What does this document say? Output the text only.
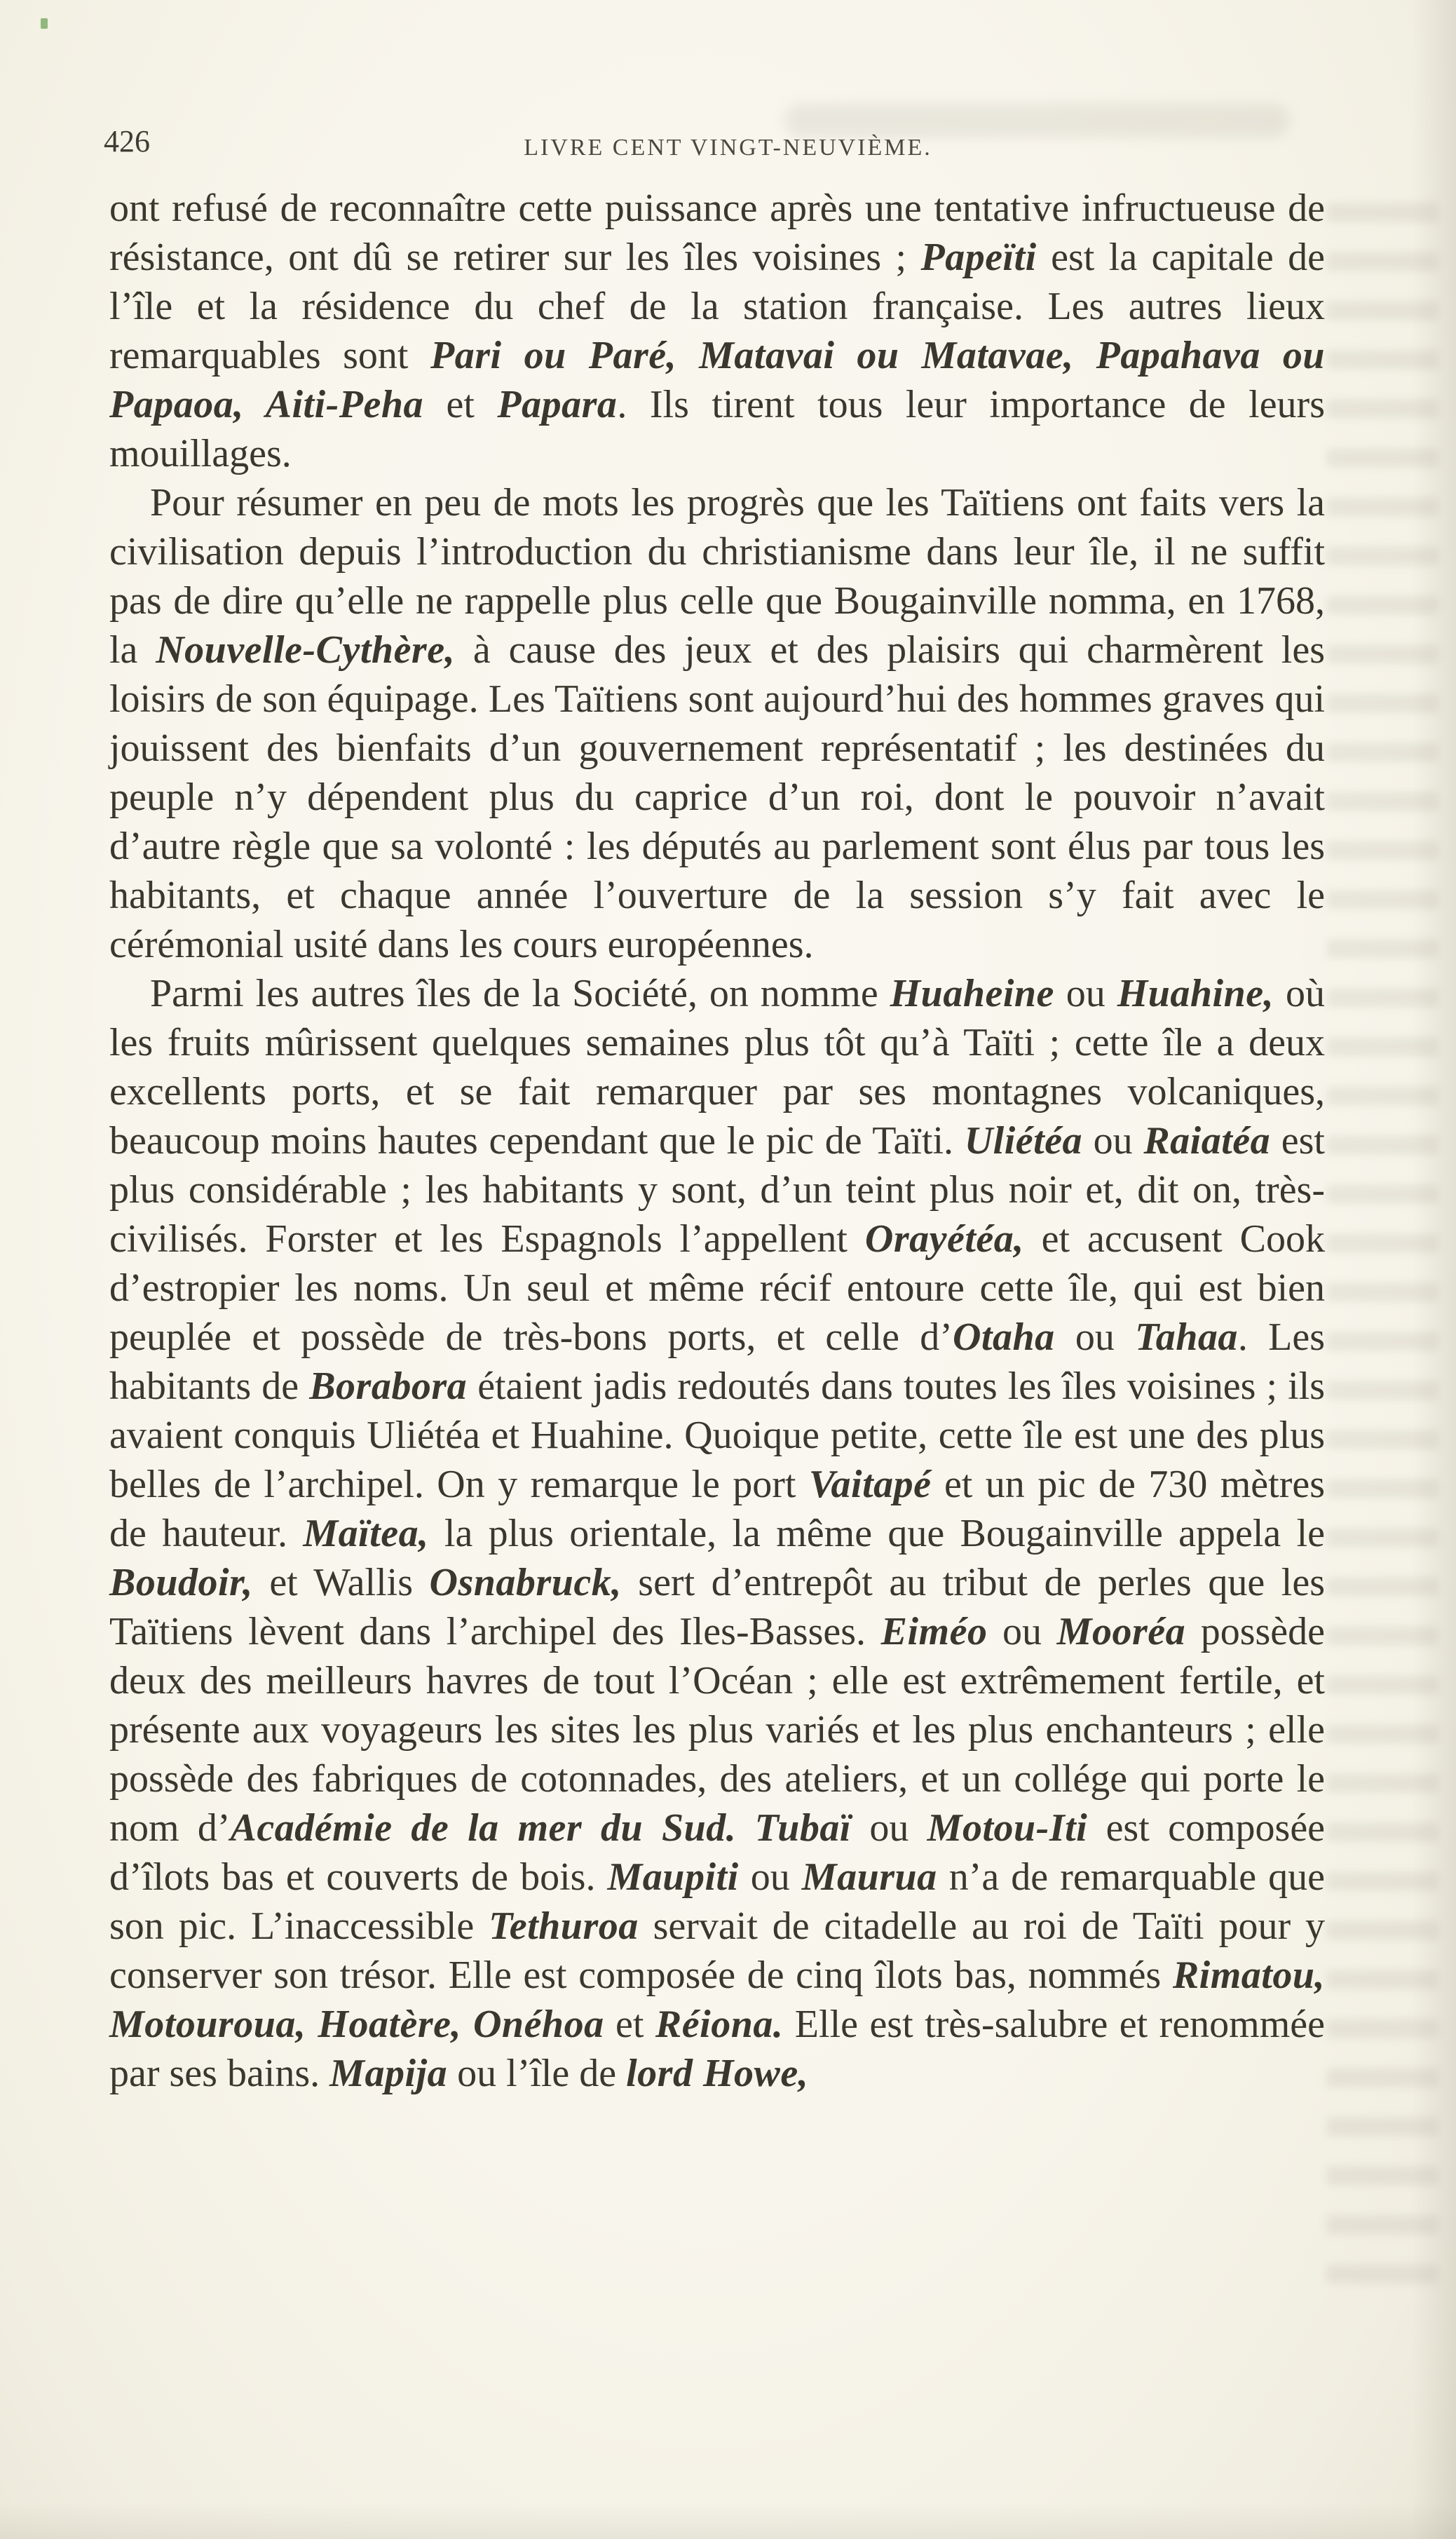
426	LIVRE CENT VINGT-NEUVIÈME.

ont refusé de reconnaître cette puissance après une tentative infructueuse de résistance, ont dû se retirer sur les îles voisines ; Papeïti est la capitale de l’île et la résidence du chef de la station française. Les autres lieux remarquables sont Pari ou Paré, Matavai ou Matavae, Papahava ou Papaoa, Aiti-Peha et Papara. Ils tirent tous leur importance de leurs mouillages.

Pour résumer en peu de mots les progrès que les Taïtiens ont faits vers la civilisation depuis l’introduction du christianisme dans leur île, il ne suffit pas de dire qu’elle ne rappelle plus celle que Bougainville nomma, en 1768, la Nouvelle-Cythère, à cause des jeux et des plaisirs qui charmèrent les loisirs de son équipage. Les Taïtiens sont aujourd’hui des hommes graves qui jouissent des bienfaits d’un gouvernement représentatif ; les destinées du peuple n’y dépendent plus du caprice d’un roi, dont le pouvoir n’avait d’autre règle que sa volonté : les députés au parlement sont élus par tous les habitants, et chaque année l’ouverture de la session s’y fait avec le cérémonial usité dans les cours européennes.

Parmi les autres îles de la Société, on nomme Huaheine ou Huahine, où les fruits mûrissent quelques semaines plus tôt qu’à Taïti ; cette île a deux excellents ports, et se fait remarquer par ses montagnes volcaniques, beaucoup moins hautes cependant que le pic de Taïti. Uliétéa ou Raiatéa est plus considérable ; les habitants y sont, d’un teint plus noir et, dit on, très-civilisés. Forster et les Espagnols l’appellent Orayétéa, et accusent Cook d’estropier les noms. Un seul et même récif entoure cette île, qui est bien peuplée et possède de très-bons ports, et celle d’Otaha ou Tahaa. Les habitants de Borabora étaient jadis redoutés dans toutes les îles voisines ; ils avaient conquis Uliétéa et Huahine. Quoique petite, cette île est une des plus belles de l’archipel. On y remarque le port Vaitapé et un pic de 730 mètres de hauteur. Maïtea, la plus orientale, la même que Bougainville appela le Boudoir, et Wallis Osnabruck, sert d’entrepôt au tribut de perles que les Taïtiens lèvent dans l’archipel des Iles-Basses. Eiméo ou Mooréa possède deux des meilleurs havres de tout l’Océan ; elle est extrêmement fertile, et présente aux voyageurs les sites les plus variés et les plus enchanteurs ; elle possède des fabriques de cotonnades, des ateliers, et un collége qui porte le nom d’Académie de la mer du Sud. Tubaï ou Motou-Iti est composée d’îlots bas et couverts de bois. Maupiti ou Maurua n’a de remarquable que son pic. L’inaccessible Tethuroa servait de citadelle au roi de Taïti pour y conserver son trésor. Elle est composée de cinq îlots bas, nommés Rimatou, Motouroua, Hoatère, Onéhoa et Réiona. Elle est très-salubre et renommée par ses bains. Mapija ou l’île de lord Howe,
